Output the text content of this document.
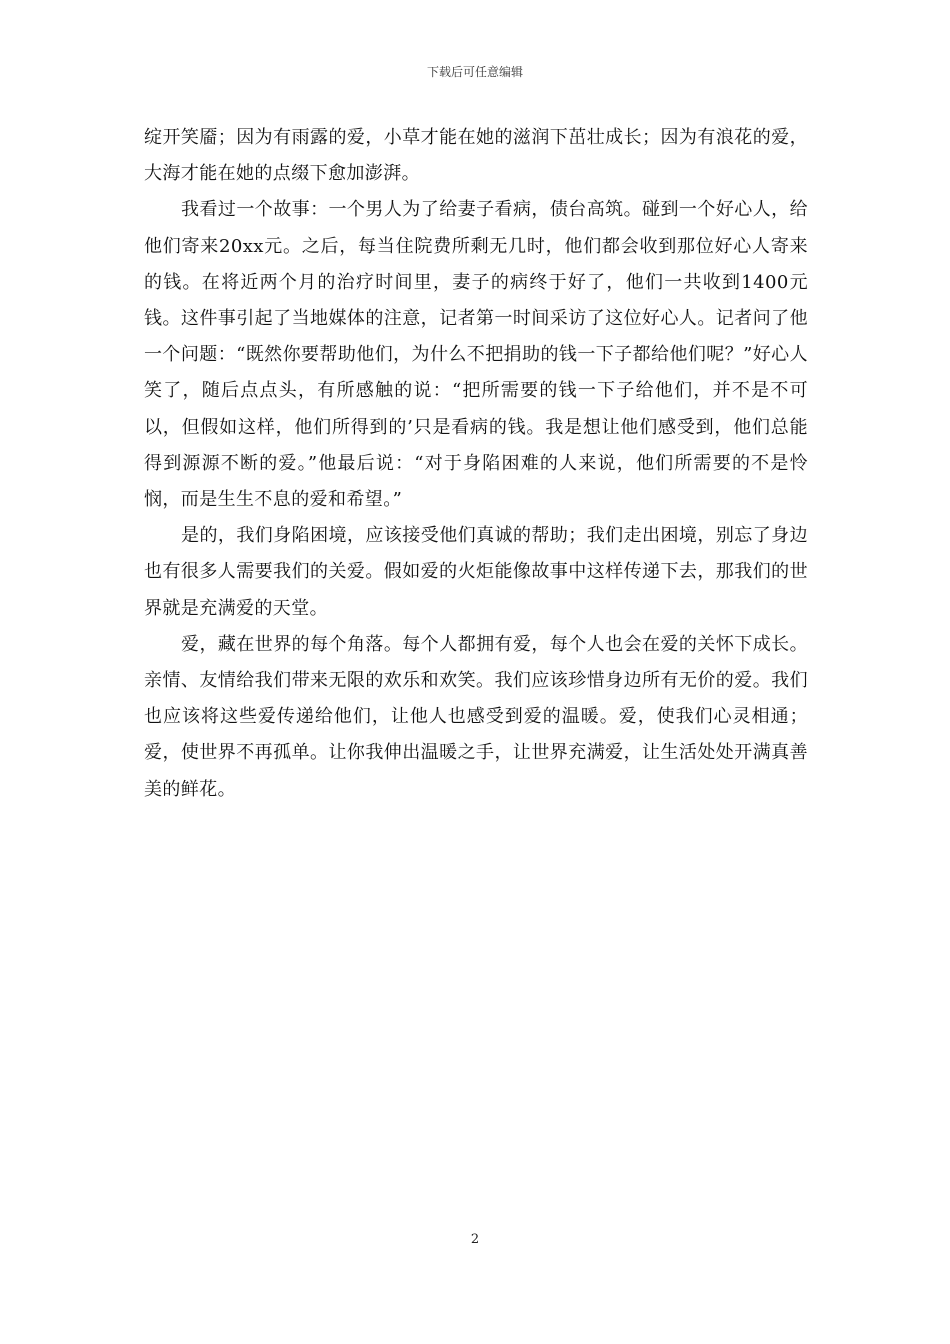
下载后可任意编辑

绽开笑靥；因为有雨露的爱，小草才能在她的滋润下茁壮成长；因为有浪花的爱，大海才能在她的点缀下愈加澎湃。

我看过一个故事：一个男人为了给妻子看病，债台高筑。碰到一个好心人，给他们寄来20xx元。之后，每当住院费所剩无几时，他们都会收到那位好心人寄来的钱。在将近两个月的治疗时间里，妻子的病终于好了，他们一共收到1400元钱。这件事引起了当地媒体的注意，记者第一时间采访了这位好心人。记者问了他一个问题：“既然你要帮助他们，为什么不把捐助的钱一下子都给他们呢？”好心人笑了，随后点点头，有所感触的说：“把所需要的钱一下子给他们，并不是不可以，但假如这样，他们所得到的’只是看病的钱。我是想让他们感受到，他们总能得到源源不断的爱。”他最后说：“对于身陷困难的人来说，他们所需要的不是怜悯，而是生生不息的爱和希望。”

是的，我们身陷困境，应该接受他们真诚的帮助；我们走出困境，别忘了身边也有很多人需要我们的关爱。假如爱的火炬能像故事中这样传递下去，那我们的世界就是充满爱的天堂。

爱，藏在世界的每个角落。每个人都拥有爱，每个人也会在爱的关怀下成长。亲情、友情给我们带来无限的欢乐和欢笑。我们应该珍惜身边所有无价的爱。我们也应该将这些爱传递给他们，让他人也感受到爱的温暖。爱，使我们心灵相通；爱，使世界不再孤单。让你我伸出温暖之手，让世界充满爱，让生活处处开满真善美的鲜花。

2
